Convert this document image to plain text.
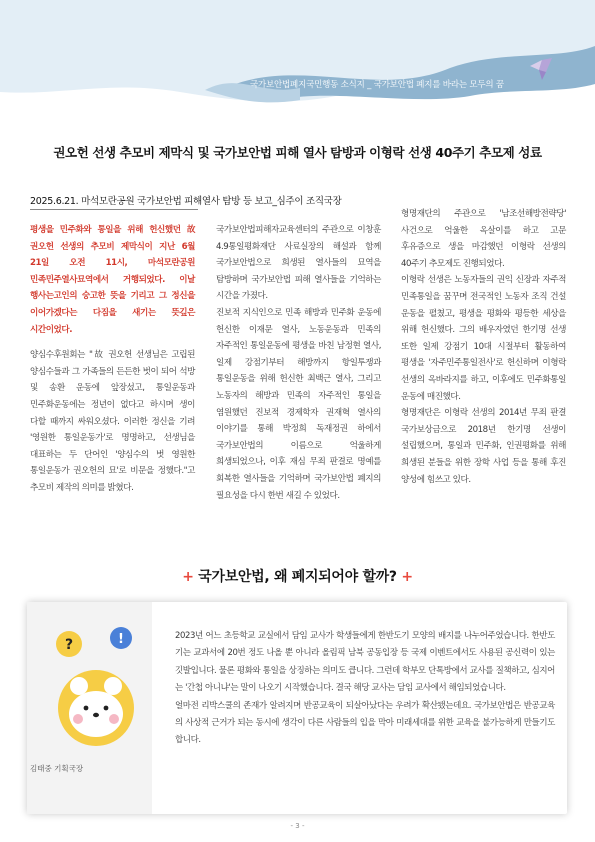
국가보안법폐지국민행동 소식지 _ 국가보안법 폐지를 바라는 모두의 꿈
권오헌 선생 추모비 제막식 및 국가보안법 피해 열사 탐방과 이형락 선생 40주기 추모제 성료
2025.6.21. 마석모란공원 국가보안법 피해열사 탐방 등 보고_심주이 조직국장

평생을 민주화와 통일을 위해 헌신했던 故 권오헌 선생의 추모비 제막식이 지난 6월 21일 오전 11시, 마석모란공원 민족민주열사묘역에서 거행되었다. 이날 행사는고인의 숭고한 뜻을 기리고 그 정신을 이어가겠다는 다짐을 새기는 뜻깊은 시간이었다.

양심수후원회는 "故 권오헌 선생님은 고립된 양심수들과 그 가족들의 든든한 벗이 되어 석방 및 송환 운동에 앞장섰고, 통일운동과 민주화운동에는 정년이 없다고 하시며 생이 다할 때까지 싸워오셨다. 이러한 정신을 기려 '영원한 통일운동가'로 명명하고, 선생님을 대표하는 두 단어인 '양심수의 벗 영원한 통일운동가 권오헌의 묘'로 비문을 정했다."고 추모비 제작의 의미를 밝혔다.

국가보안법피해자교육센터의 주관으로 이창훈 4.9통일평화재단 사료실장의 해설과 함께 국가보안법으로 희생된 열사들의 묘역을 탐방하며 국가보안법 피해 열사들을 기억하는 시간을 가졌다.

진보적 지식인으로 민족 해방과 민주화 운동에 헌신한 이재문 열사, 노동운동과 민족의 자주적인 통일운동에 평생을 바친 남정현 열사, 일제 강점기부터 해방까지 항일투쟁과 통일운동을 위해 헌신한 최백근 열사, 그리고 노동자의 해방과 민족의 자주적인 통일을 염원했던 진보적 경제학자 권재혁 열사의 이야기를 통해 박정희 독재정권 하에서 국가보안법의 이름으로 억울하게 희생되었으나, 이후 재심 무죄 판결로 명예를 회복한 열사들을 기억하며 국가보안법 폐지의 필요성을 다시 한번 새길 수 있었다.

형명재단의 주관으로 '남조선해방전략당' 사건으로 억울한 옥살이를 하고 고문 후유증으로 생을 마감했던 이형락 선생의 40주기 추모제도 진행되었다.

이형락 선생은 노동자들의 권익 신장과 자주적 민족통일을 꿈꾸며 전국적인 노동자 조직 건설 운동을 펼쳤고, 평생을 평화와 평등한 세상을 위해 헌신했다. 그의 배우자였던 한기명 선생 또한 일제 강점기 10대 시절부터 활동하여 평생을 '자주민주통일전사'로 헌신하며 이형락 선생의 옥바라지를 하고, 이후에도 민주화통일 운동에 매진했다.

형명재단은 이형락 선생의 2014년 무죄 판결 국가보상금으로 2018년 한기명 선생이 설립했으며, 통일과 민주화, 인권평화를 위해 희생된 분들을 위한 장학 사업 등을 통해 후진 양성에 힘쓰고 있다.

+ 국가보안법, 왜 폐지되어야 할까? +
?	!
김태중 기획국장

2023년 어느 초등학교 교실에서 담임 교사가 학생들에게 한반도기 모양의 배지를 나누어주었습니다. 한반도기는 교과서에 20번 정도 나올 뿐 아니라 올림픽 남북 공동입장 등 국제 이벤트에서도 사용된 공신력이 있는 깃발입니다. 물론 평화와 통일을 상징하는 의미도 큽니다. 그런데 학부모 단톡방에서 교사를 질책하고, 심지어는 '간첩 아니냐'는 말이 나오기 시작했습니다. 결국 해당 교사는 담임 교사에서 해임되었습니다.

얼마전 리박스쿨의 존재가 알려지며 반공교육이 되살아났다는 우려가 확산됐는데요. 국가보안법은 반공교육의 사상적 근거가 되는 동시에 생각이 다른 사람들의 입을 막아 미래세대를 위한 교육을 불가능하게 만들기도 합니다.

- 3 -
